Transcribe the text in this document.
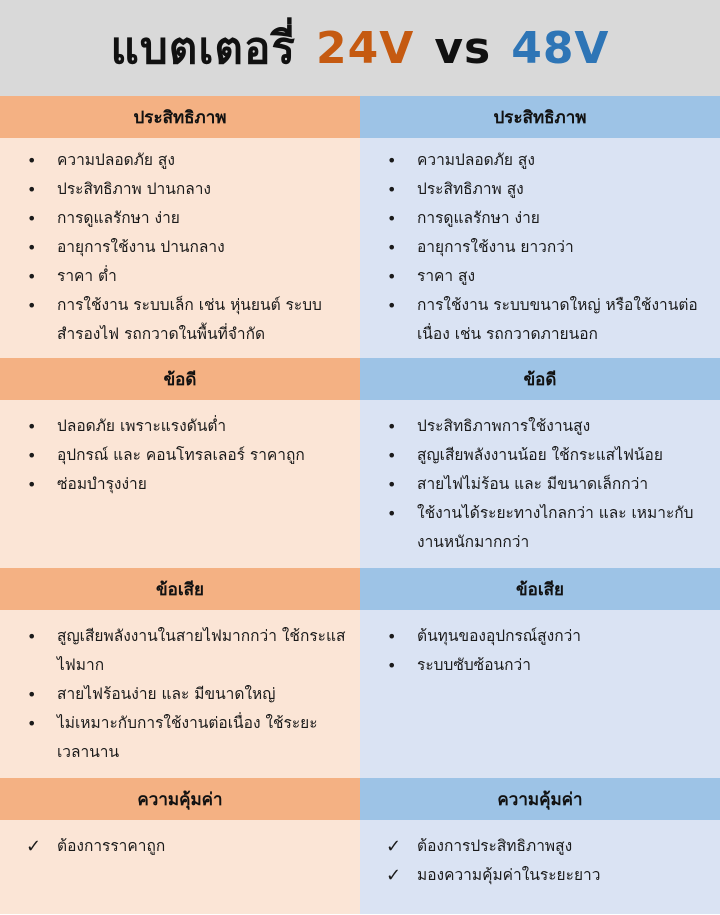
แบตเตอรี่ 24V vs 48V
ประสิทธิภาพ
• ความปลอดภัย สูง
• ประสิทธิภาพ ปานกลาง
• การดูแลรักษา ง่าย
• อายุการใช้งาน ปานกลาง
• ราคา ต่ำ
• การใช้งาน ระบบเล็ก เช่น หุ่นยนต์ ระบบสำรองไฟ รถกวาดในพื้นที่จำกัด
ข้อดี
• ปลอดภัย เพราะแรงดันต่ำ
• อุปกรณ์ และ คอนโทรลเลอร์ ราคาถูก
• ซ่อมบำรุงง่าย
ข้อเสีย
• สูญเสียพลังงานในสายไฟมากกว่า ใช้กระแสไฟมาก
• สายไฟร้อนง่าย และ มีขนาดใหญ่
• ไม่เหมาะกับการใช้งานต่อเนื่อง ใช้ระยะเวลานาน
ความคุ้มค่า
✓ ต้องการราคาถูก
ประสิทธิภาพ
• ความปลอดภัย สูง
• ประสิทธิภาพ สูง
• การดูแลรักษา ง่าย
• อายุการใช้งาน ยาวกว่า
• ราคา สูง
• การใช้งาน ระบบขนาดใหญ่ หรือใช้งานต่อเนื่อง เช่น รถกวาดภายนอก
ข้อดี
• ประสิทธิภาพการใช้งานสูง
• สูญเสียพลังงานน้อย ใช้กระแสไฟน้อย
• สายไฟไม่ร้อน และ มีขนาดเล็กกว่า
• ใช้งานได้ระยะทางไกลกว่า และ เหมาะกับงานหนักมากกว่า
ข้อเสีย
• ต้นทุนของอุปกรณ์สูงกว่า
• ระบบซับซ้อนกว่า
ความคุ้มค่า
✓ ต้องการประสิทธิภาพสูง
✓ มองความคุ้มค่าในระยะยาว
